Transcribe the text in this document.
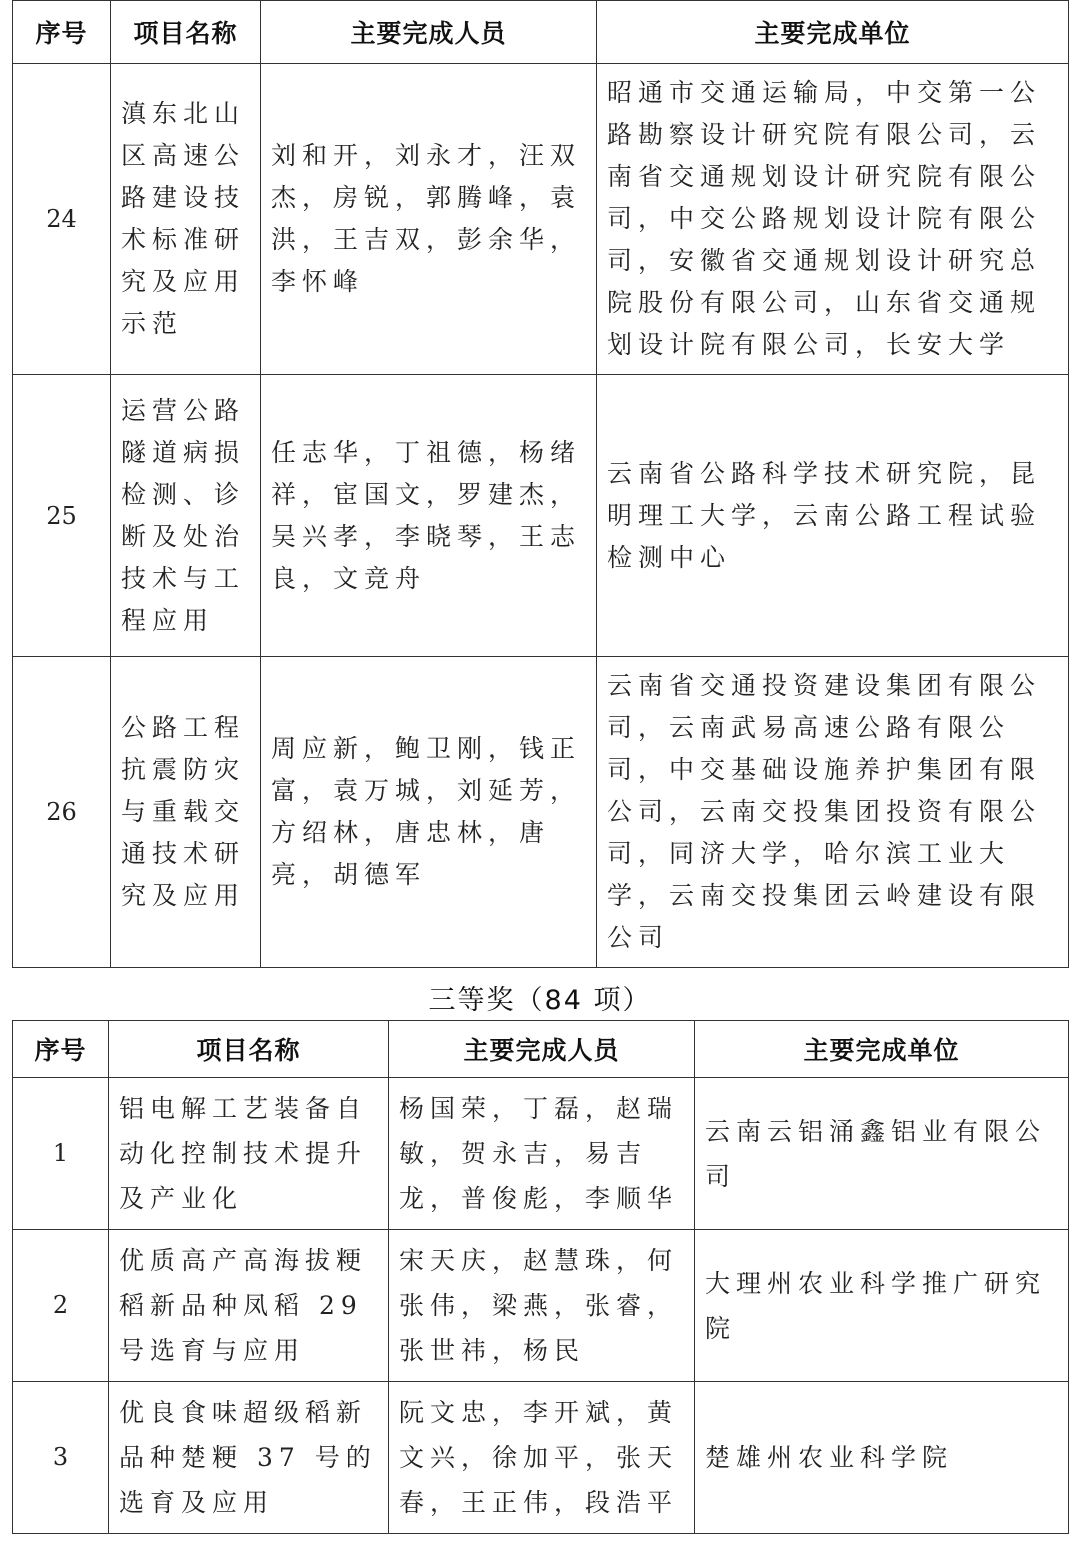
序号	项目名称	主要完成人员	主要完成单位
24	滇东北山区高速公路建设技术标准研究及应用示范	刘和开，刘永才，汪双杰，房锐，郭腾峰，袁洪，王吉双，彭余华，李怀峰	昭通市交通运输局，中交第一公路勘察设计研究院有限公司，云南省交通规划设计研究院有限公司，中交公路规划设计院有限公司，安徽省交通规划设计研究总院股份有限公司，山东省交通规划设计院有限公司，长安大学
25	运营公路隧道病损检测、诊断及处治技术与工程应用	任志华，丁祖德，杨绪祥，宦国文，罗建杰，吴兴孝，李晓琴，王志良，文竞舟	云南省公路科学技术研究院，昆明理工大学，云南公路工程试验检测中心
26	公路工程抗震防灾与重载交通技术研究及应用	周应新，鲍卫刚，钱正富，袁万城，刘延芳，方绍林，唐忠林，唐亮，胡德军	云南省交通投资建设集团有限公司，云南武易高速公路有限公司，中交基础设施养护集团有限公司，云南交投集团投资有限公司，同济大学，哈尔滨工业大学，云南交投集团云岭建设有限公司
三等奖（84 项）
序号	项目名称	主要完成人员	主要完成单位
1	铝电解工艺装备自动化控制技术提升及产业化	杨国荣，丁磊，赵瑞敏，贺永吉，易吉龙，普俊彪，李顺华	云南云铝涌鑫铝业有限公司
2	优质高产高海拔粳稻新品种凤稻 29 号选育与应用	宋天庆，赵慧珠，何张伟，梁燕，张睿，张世祎，杨民	大理州农业科学推广研究院
3	优良食味超级稻新品种楚粳 37 号的选育及应用	阮文忠，李开斌，黄文兴，徐加平，张天春，王正伟，段浩平	楚雄州农业科学院
